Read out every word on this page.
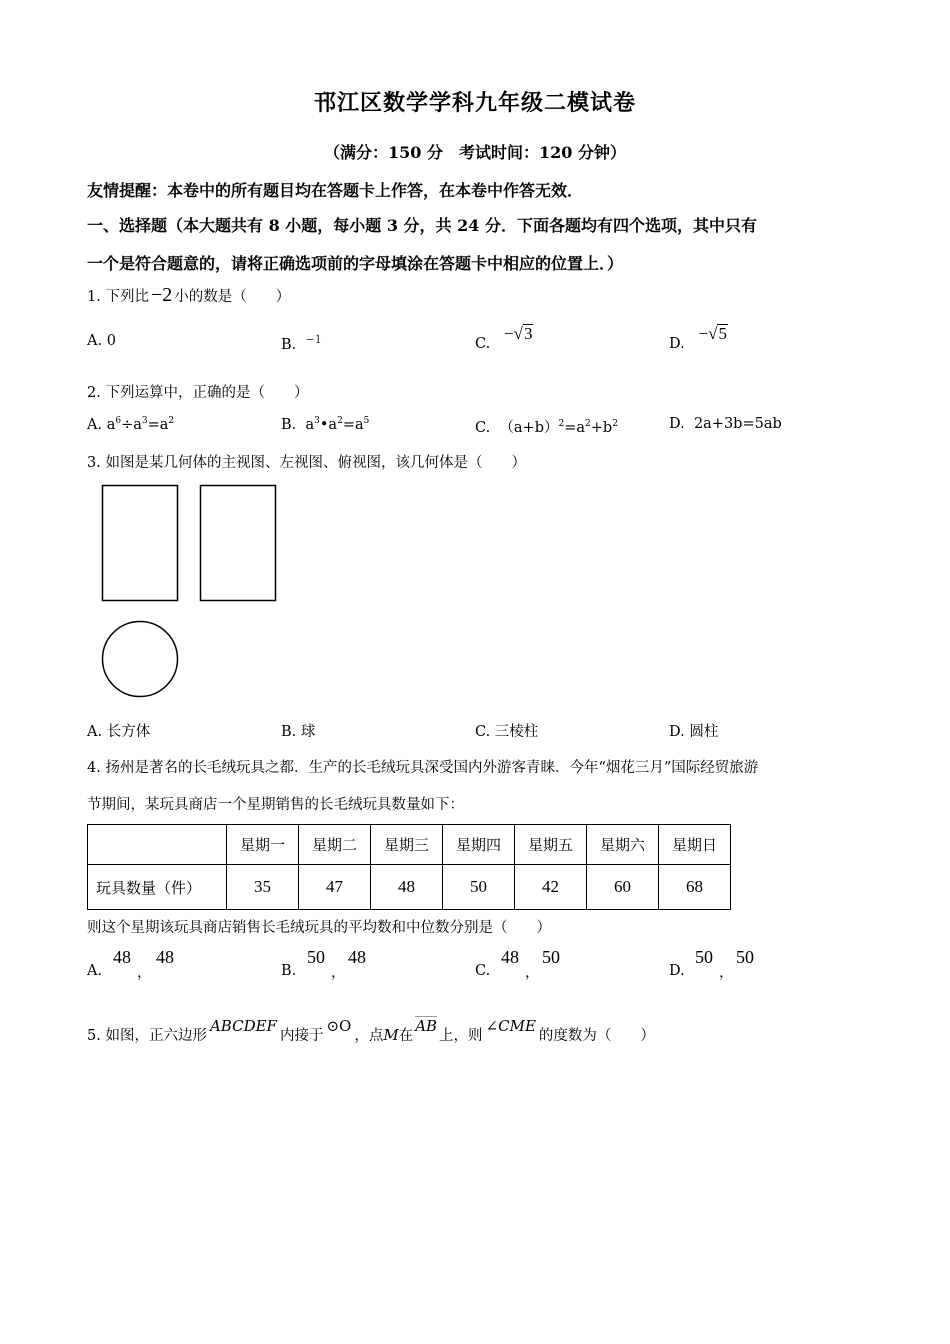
邗江区数学学科九年级二模试卷
（满分：150 分　考试时间：120 分钟）
友情提醒：本卷中的所有题目均在答题卡上作答，在本卷中作答无效．
一、选择题（本大题共有 8 小题，每小题 3 分，共 24 分．下面各题均有四个选项，其中只有
一个是符合题意的，请将正确选项前的字母填涂在答题卡中相应的位置上．）
1. 下列比 −2 小的数是（　　）
A. 0	B. $^{-1}$	C.   −√3
D.   −√5
2. 下列运算中，正确的是（　　）
A. $a^6\div a^3=a^2$	B. $a^3•a^2=a^5$	C. $(a+b)^2=a^2+b^2$	D. 2a+3b=5ab
3. 如图是某几何体的主视图、左视图、俯视图，该几何体是（　　）
A. 长方体	B. 球	C. 三棱柱	D. 圆柱
4. 扬州是著名的长毛绒玩具之都．生产的长毛绒玩具深受国内外游客青睐．今年“烟花三月”国际经贸旅游
节期间，某玩具商店一个星期销售的长毛绒玩具数量如下：
	星期一	星期二	星期三	星期四	星期五	星期六	星期日
玩具数量（件）	35	47	48	50	42	60	68
则这个星期该玩具商店销售长毛绒玩具的平均数和中位数分别是（　　）
A.
48
，
48
B.
50
，
48
C.
48
，
50
D.
50
，
50
5. 如图，正六边形ABCDEF内接于⊙O，点M在AB上，则∠CME的度数为（　　）
